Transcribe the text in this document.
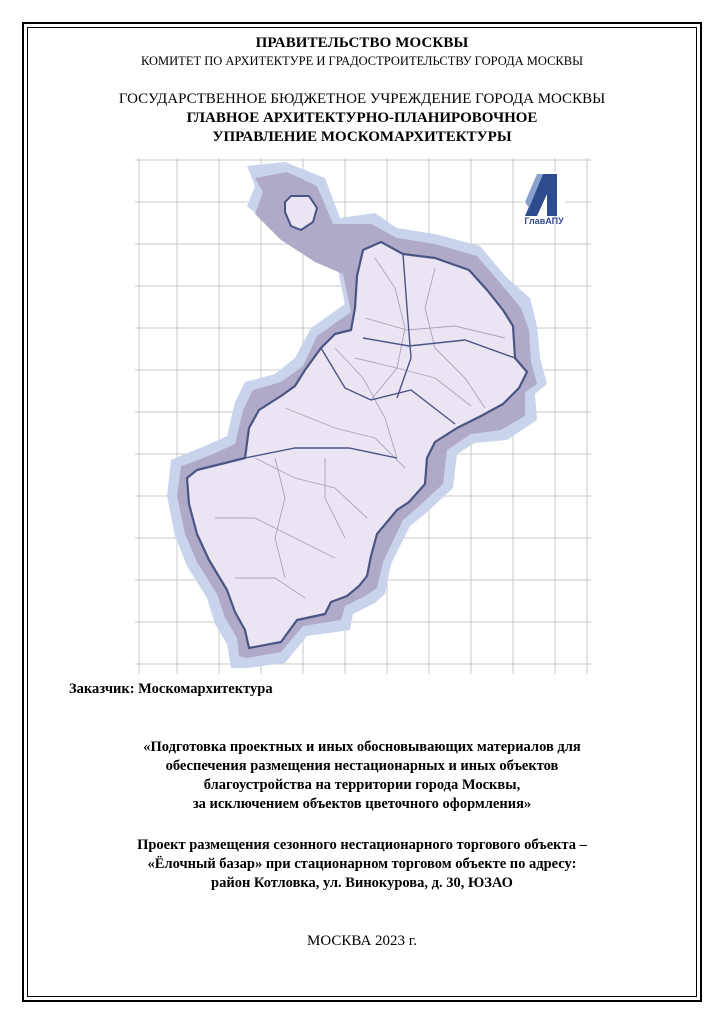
ПРАВИТЕЛЬСТВО МОСКВЫ
КОМИТЕТ ПО АРХИТЕКТУРЕ И ГРАДОСТРОИТЕЛЬСТВУ ГОРОДА МОСКВЫ
ГОСУДАРСТВЕННОЕ БЮДЖЕТНОЕ УЧРЕЖДЕНИЕ ГОРОДА МОСКВЫ
ГЛАВНОЕ АРХИТЕКТУРНО-ПЛАНИРОВОЧНОЕ
УПРАВЛЕНИЕ МОСКОМАРХИТЕКТУРЫ
ГлавАПУ
Заказчик: Москомархитектура
«Подготовка проектных и иных обосновывающих материалов для
обеспечения размещения нестационарных и иных объектов
благоустройства на территории города Москвы,
за исключением объектов цветочного оформления»
Проект размещения сезонного нестационарного торгового объекта –
«Ёлочный базар» при стационарном торговом объекте по адресу:
район Котловка, ул. Винокурова, д. 30, ЮЗАО
МОСКВА 2023 г.
